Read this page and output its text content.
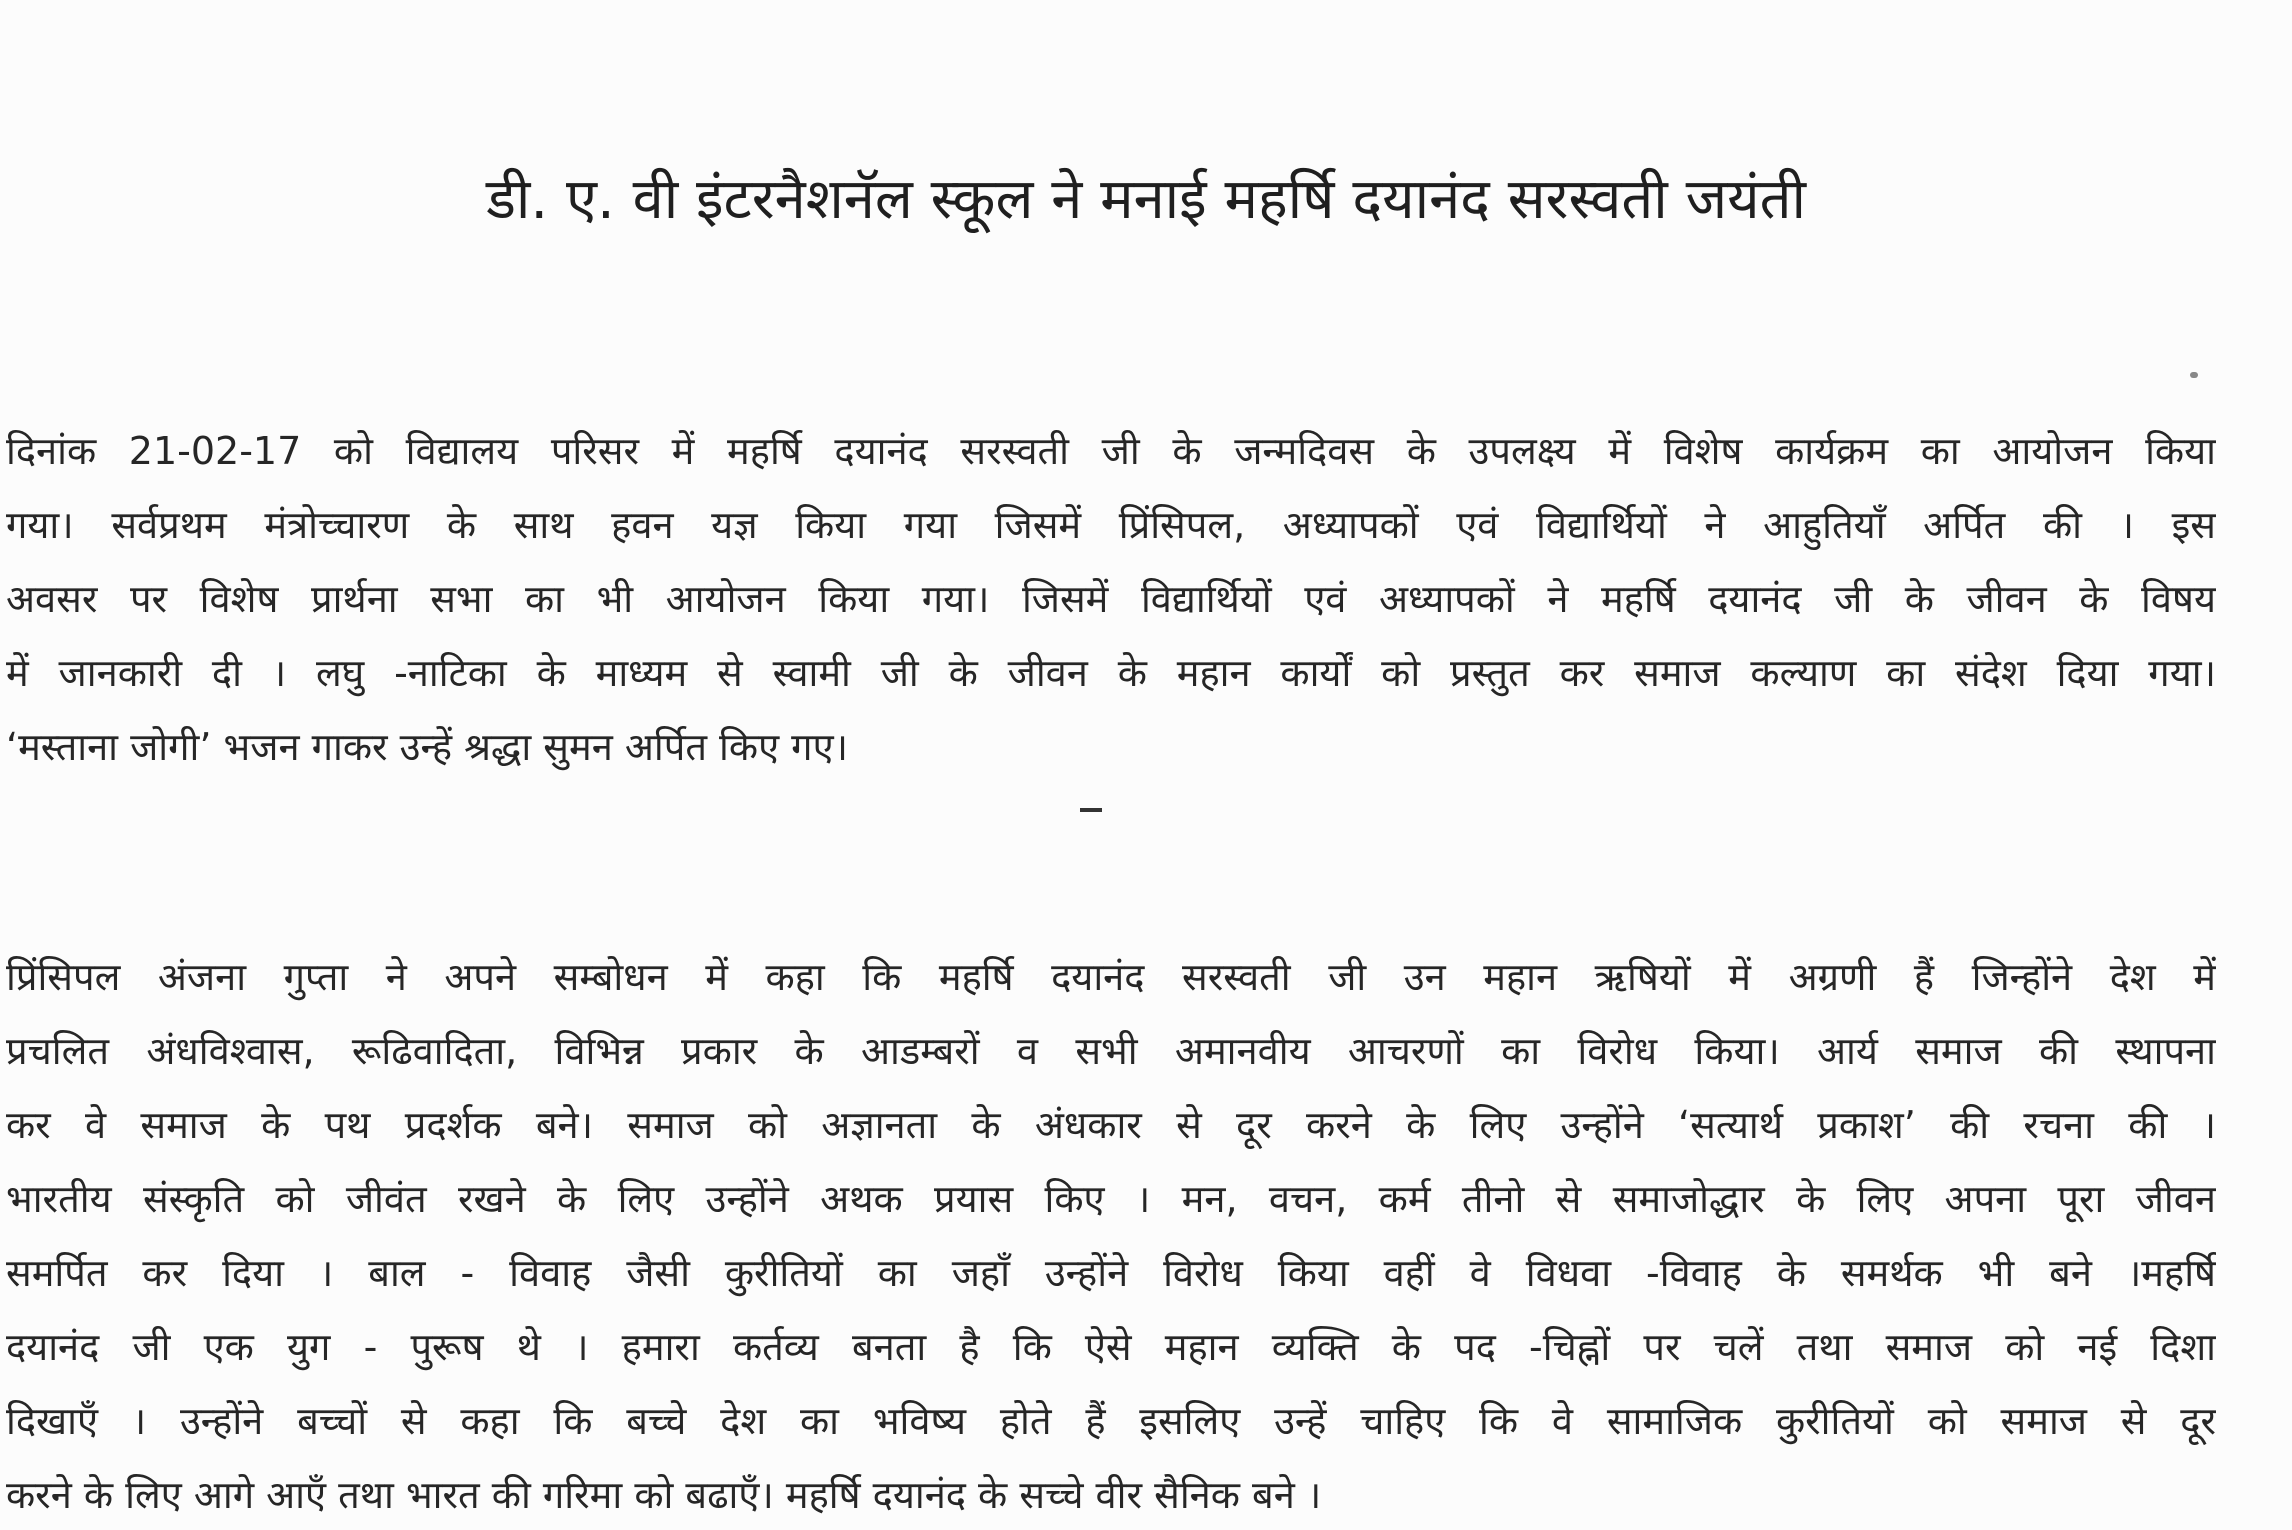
डी. ए. वी इंटरनैशनॅल स्कूल ने मनाई महर्षि दयानंद सरस्वती जयंती
दिनांक 21-02-17 को विद्यालय परिसर में महर्षि दयानंद सरस्वती जी के जन्मदिवस के उपलक्ष्य में विशेष कार्यक्रम का आयोजन किया
गया। सर्वप्रथम मंत्रोच्चारण के साथ हवन यज्ञ किया गया जिसमें प्रिंसिपल, अध्यापकों एवं विद्यार्थियों ने आहुतियाँ अर्पित की । इस
अवसर पर विशेष प्रार्थना सभा का भी आयोजन किया गया। जिसमें विद्यार्थियों एवं अध्यापकों ने महर्षि दयानंद जी के जीवन के विषय
में जानकारी दी । लघु -नाटिका के माध्यम से स्वामी जी के जीवन के महान कार्यों को प्रस्तुत कर समाज कल्याण का संदेश दिया गया।
‘मस्ताना जोगी’ भजन गाकर उन्हें श्रद्धा सुमन अर्पित किए गए।
प्रिंसिपल अंजना गुप्ता ने अपने सम्बोधन में कहा कि महर्षि दयानंद सरस्वती जी उन महान ऋषियों में अग्रणी हैं जिन्होंने देश में
प्रचलित अंधविश्वास, रूढिवादिता, विभिन्न प्रकार के आडम्बरों व सभी अमानवीय आचरणों का विरोध किया। आर्य समाज की स्थापना
कर वे समाज के पथ प्रदर्शक बने। समाज को अज्ञानता के अंधकार से दूर करने के लिए उन्होंने ‘सत्यार्थ प्रकाश’ की रचना की ।
भारतीय संस्कृति को जीवंत रखने के लिए उन्होंने अथक प्रयास किए । मन, वचन, कर्म तीनो से समाजोद्धार के लिए अपना पूरा जीवन
समर्पित कर दिया । बाल - विवाह जैसी कुरीतियों का जहाँ उन्होंने विरोध किया वहीं वे विधवा -विवाह के समर्थक भी बने ।महर्षि
दयानंद जी एक युग - पुरूष थे । हमारा कर्तव्य बनता है कि ऐसे महान व्यक्ति के पद -चिह्नों पर चलें तथा समाज को नई दिशा
दिखाएँ । उन्होंने बच्चों से कहा कि बच्चे देश का भविष्य होते हैं इसलिए उन्हें चाहिए कि वे सामाजिक कुरीतियों को समाज से दूर
करने के लिए आगे आएँ तथा भारत की गरिमा को बढाएँ। महर्षि दयानंद के सच्चे वीर सैनिक बने ।
